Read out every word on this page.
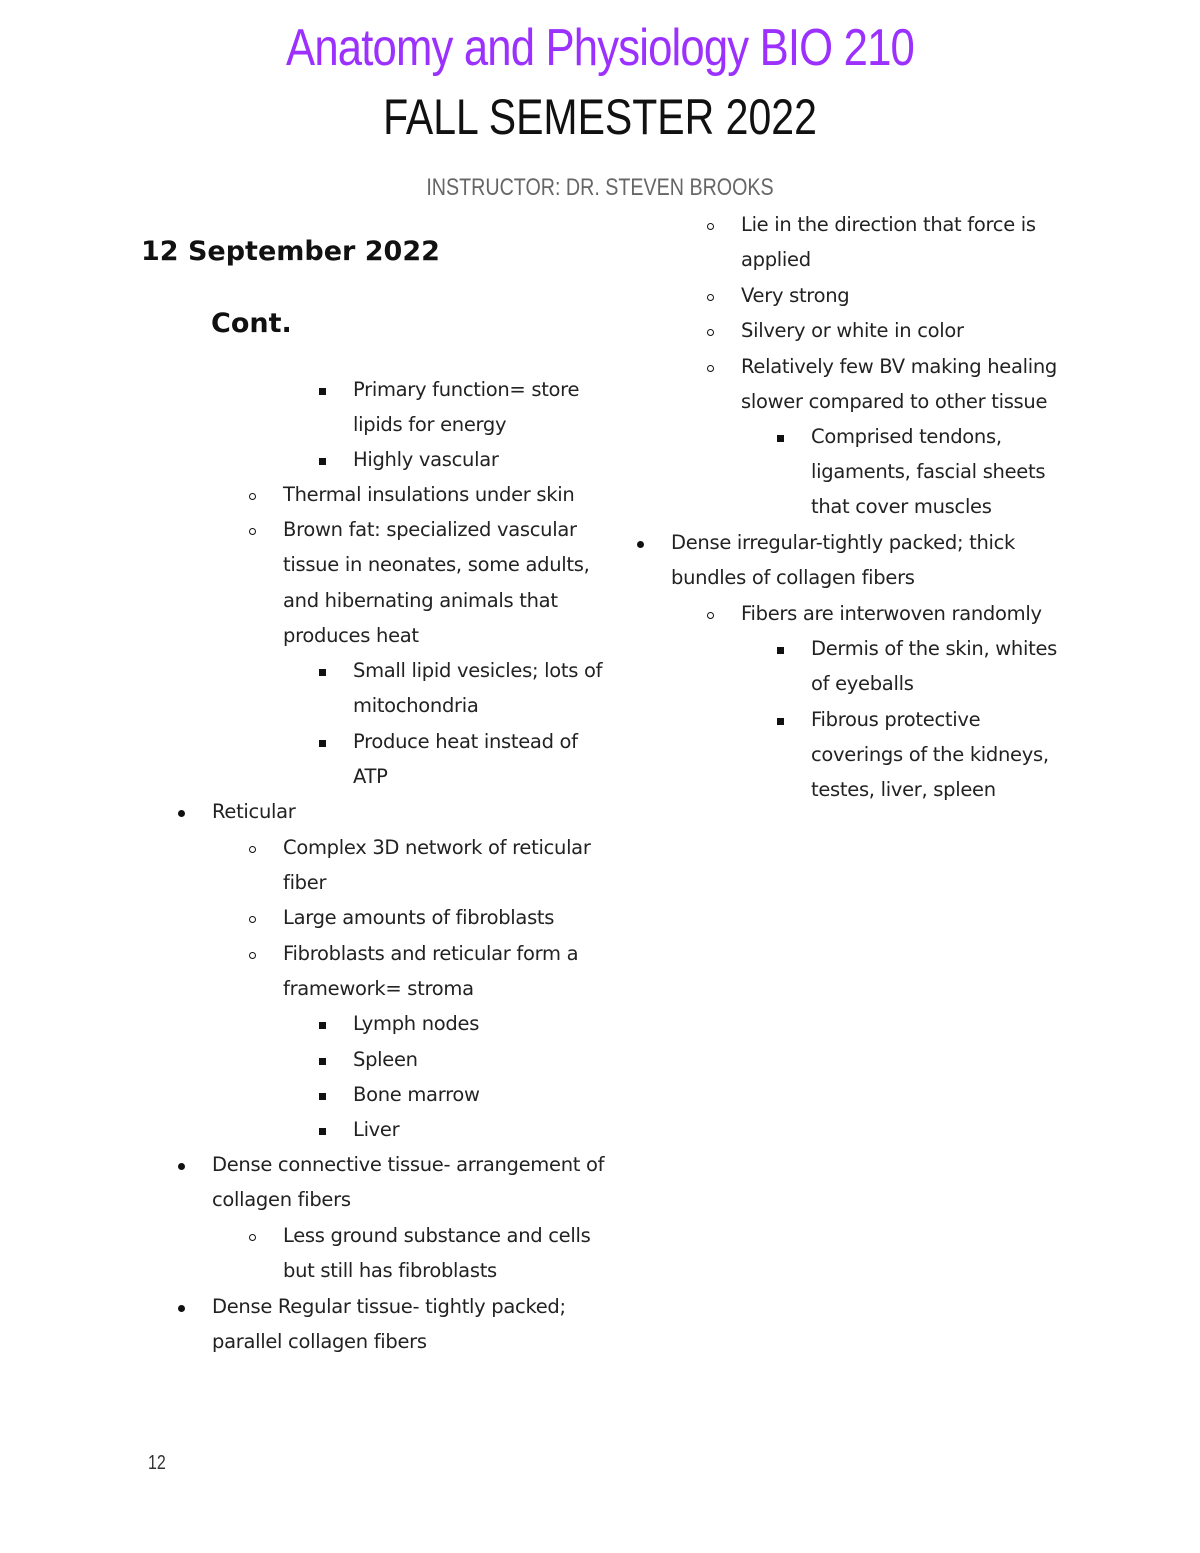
Anatomy and Physiology BIO 210
FALL SEMESTER 2022
INSTRUCTOR: DR. STEVEN BROOKS
12 September 2022
Cont.
Primary function= store
lipids for energy
Highly vascular
Thermal insulations under skin
Brown fat: specialized vascular
tissue in neonates, some adults,
and hibernating animals that
produces heat
Small lipid vesicles; lots of
mitochondria
Produce heat instead of
ATP
Reticular
Complex 3D network of reticular
fiber
Large amounts of fibroblasts
Fibroblasts and reticular form a
framework= stroma
Lymph nodes
Spleen
Bone marrow
Liver
Dense connective tissue- arrangement of
collagen fibers
Less ground substance and cells
but still has fibroblasts
Dense Regular tissue- tightly packed;
parallel collagen fibers
Lie in the direction that force is
applied
Very strong
Silvery or white in color
Relatively few BV making healing
slower compared to other tissue
Comprised tendons,
ligaments, fascial sheets
that cover muscles
Dense irregular-tightly packed; thick
bundles of collagen fibers
Fibers are interwoven randomly
Dermis of the skin, whites
of eyeballs
Fibrous protective
coverings of the kidneys,
testes, liver, spleen
12
